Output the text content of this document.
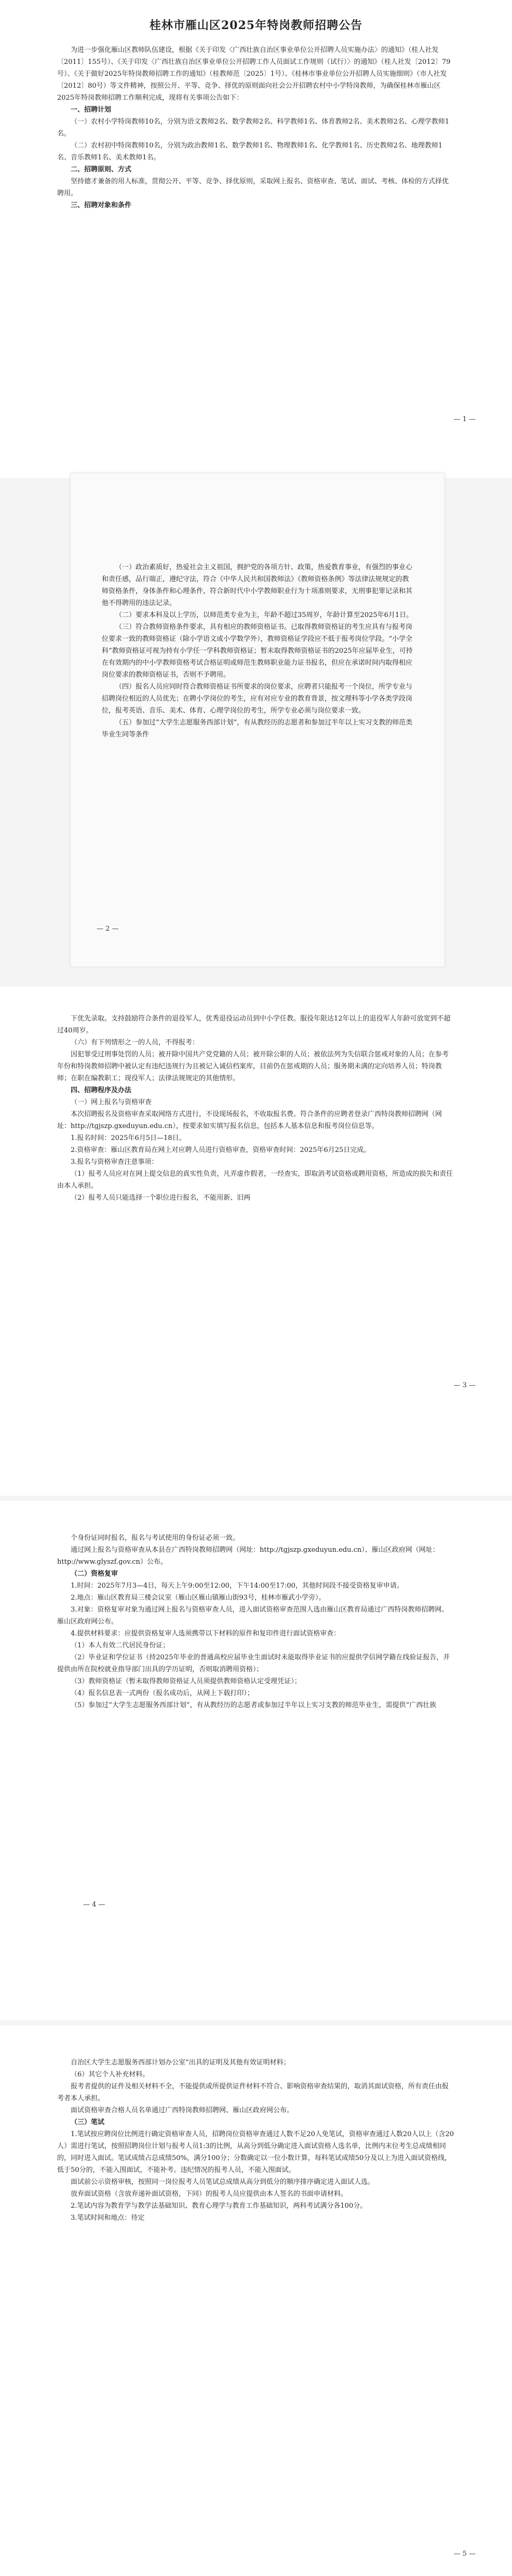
桂林市雁山区2025年特岗教师招聘公告

为进一步强化雁山区教师队伍建设，根据《关于印发〈广西壮族自治区事业单位公开招聘人员实施办法〉的通知》（桂人社发〔2011〕155号）、《关于印发〈广西壮族自治区事业单位公开招聘工作人员面试工作规则（试行）〉的通知》（桂人社发〔2012〕79号）、《关于做好2025年特岗教师招聘工作的通知》（桂教师范〔2025〕1号）、《桂林市事业单位公开招聘人员实施细则》（市人社发〔2012〕80号）等文件精神，按照公开、平等、竞争、择优的原则面向社会公开招聘农村中小学特岗教师，为确保桂林市雁山区2025年特岗教师招聘工作顺利完成，现将有关事项公告如下：

一、招聘计划

（一）农村小学特岗教师10名，分别为语文教师2名、数学教师2名、科学教师1名、体育教师2名、美术教师2名、心理学教师1名。

（二）农村初中特岗教师10名，分别为政治教师1名、数学教师1名、物理教师1名、化学教师1名、历史教师2名、地理教师1名、音乐教师1名、美术教师1名。

二、招聘原则、方式

坚持德才兼备的用人标准，贯彻公开、平等、竞争、择优原则，采取网上报名、资格审查、笔试、面试、考核、体检的方式择优聘用。

三、招聘对象和条件

— 1 —

（一）政治素质好，热爱社会主义祖国，拥护党的各项方针、政策，热爱教育事业，有强烈的事业心和责任感，品行端正，遵纪守法，符合《中华人民共和国教师法》《教师资格条例》等法律法规规定的教师资格条件，身体条件和心理条件，符合新时代中小学教师职业行为十项准则要求，无刑事犯罪记录和其他不得聘用的违法记录。

（二）要求本科及以上学历，以师范类专业为主，年龄不超过35周岁，年龄计算至2025年6月1日。

（三）符合教师资格条件要求，具有相应的教师资格证书。已取得教师资格证的考生应具有与报考岗位要求一致的教师资格证（除小学语文或小学数学外），教师资格证学段应不低于报考岗位学段。“小学全科”教师资格证可视为持有小学任一学科教师资格证；暂未取得教师资格证书的2025年应届毕业生，可持在有效期内的中小学教师资格考试合格证明或师范生教师职业能力证书报名，但应在承诺时间内取得相应岗位要求的教师资格证书，否则不予聘用。

（四）报名人员应同时符合教师资格证书所要求的岗位要求，应聘者只能报考一个岗位，所学专业与招聘岗位相近的人员优先；在聘小学岗位的考生，应有对应专业的教育背景，按文理科等小学各类学段岗位，报考英语、音乐、美术、体育、心理学岗位的考生，所学专业必须与岗位要求一致。

（五）参加过“大学生志愿服务西部计划”，有从教经历的志愿者和参加过半年以上实习支教的师范类毕业生同等条件

— 2 —

下优先录取。支持鼓励符合条件的退役军人，优秀退役运动员到中小学任教。服役年限达12年以上的退役军人年龄可放宽到不超过40周岁。

（六）有下列情形之一的人员，不得报考：

因犯罪受过刑事处罚的人员；被开除中国共产党党籍的人员；被开除公职的人员；被依法列为失信联合惩戒对象的人员；在参考年份和特岗教师招聘中被认定有违纪违规行为且被记入诚信档案库，目前仍在惩戒期的人员；服务期未满的定向培养人员；特岗教师；在职在编教职工；现役军人；法律法规规定的其他情形。

四、招聘程序及办法

（一）网上报名与资格审查

本次招聘报名及资格审查采取网络方式进行，不设现场报名，不收取报名费。符合条件的应聘者登录广西特岗教师招聘网（网址：http://tgjszp.gxeduyun.edu.cn），按要求如实填写报名信息，包括本人基本信息和报考岗位信息等。

1.报名时间：2025年6月5日—18日。

2.资格审查：雁山区教育局在网上对应聘人员进行资格审查，资格审查时间：2025年6月25日完成。

3.报名与资格审查注意事项：

（1）报考人员应对在网上提交信息的真实性负责，凡弄虚作假者，一经查实，即取消考试资格或聘用资格，所造成的损失和责任由本人承担。

（2）报考人员只能选择一个职位进行报名，不能用新、旧两

— 3 —

个身份证同时报名，报名与考试使用的身份证必须一致。

通过网上报名与资格审查从本县在广西特岗教师招聘网（网址：http://tgjszp.gxeduyun.edu.cn）、雁山区政府网（网址：http://www.glyszf.gov.cn）公布。

（二）资格复审

1.时间：2025年7月3—4日，每天上午9:00至12:00，下午14:00至17:00，其他时间段不接受资格复审申请。

2.地点：雁山区教育局三楼会议室（雁山区雁山镇雁山街93号，桂林市雁武小学旁）。

3.对象：资格复审对象为通过网上报名与资格审查人员，进入面试资格审查范围人选由雁山区教育局通过广西特岗教师招聘网、雁山区政府网公布。

4.提供材料要求：应提供资格复审人选须携带以下材料的原件和复印件进行面试资格审查：

（1）本人有效二代居民身份证；

（2）毕业证和学位证书（持2025年毕业的普通高校应届毕业生面试时未能取得毕业证书的应提供学信网学籍在线验证报告，并提供由所在院校就业指导部门出具的学历证明，否则取消聘用资格）；

（3）教师资格证（暂未取得教师资格证人员须提供教师资格认定受理凭证）；

（4）报名信息表一式两份（报名成功后，从网上下载打印）；

（5）参加过“大学生志愿服务西部计划”，有从教经历的志愿者或参加过半年以上实习支教的师范毕业生，需提供“广西壮族

— 4 —

自治区大学生志愿服务西部计划办公室”出具的证明及其他有效证明材料；

（6）其它个人补充材料。

报考者提供的证件及相关材料不全，不能提供或所提供证件材料不符合、影响资格审查结果的，取消其面试资格，所有责任由报考者本人承担。

面试资格审查合格人员名单通过广西特岗教师招聘网、雁山区政府网公布。

（三）笔试

1.笔试按应聘岗位比例进行确定资格审查人员，招聘岗位资格审查通过人数不足20人免笔试，资格审查通过人数20人以上（含20人）需进行笔试，按照招聘岗位计划与报考人员1:3的比例，从高分到低分确定进入面试资格人选名单，比例内末位考生总成绩相同的，同时进入面试。笔试成绩占总成绩50%，满分100分；分数确定以一位小数计算，每科笔试成绩50分及以上为进入面试资格线，低于50分的，不能入围面试，不能补考。违纪情况的报考人员，不能入围面试。

面试前公示资格审核，按照同一岗位报考人员笔试总成绩从高分到低分的顺序排序确定进入面试人选。

放弃面试资格（含放弃递补面试资格，下同）的报考人员应提供由本人签名的书面申请材料。

2.笔试内容为教育学与教学法基础知识、教育心理学与教育工作基础知识，两科考试满分各100分。

3.笔试时间和地点：待定

— 5 —
